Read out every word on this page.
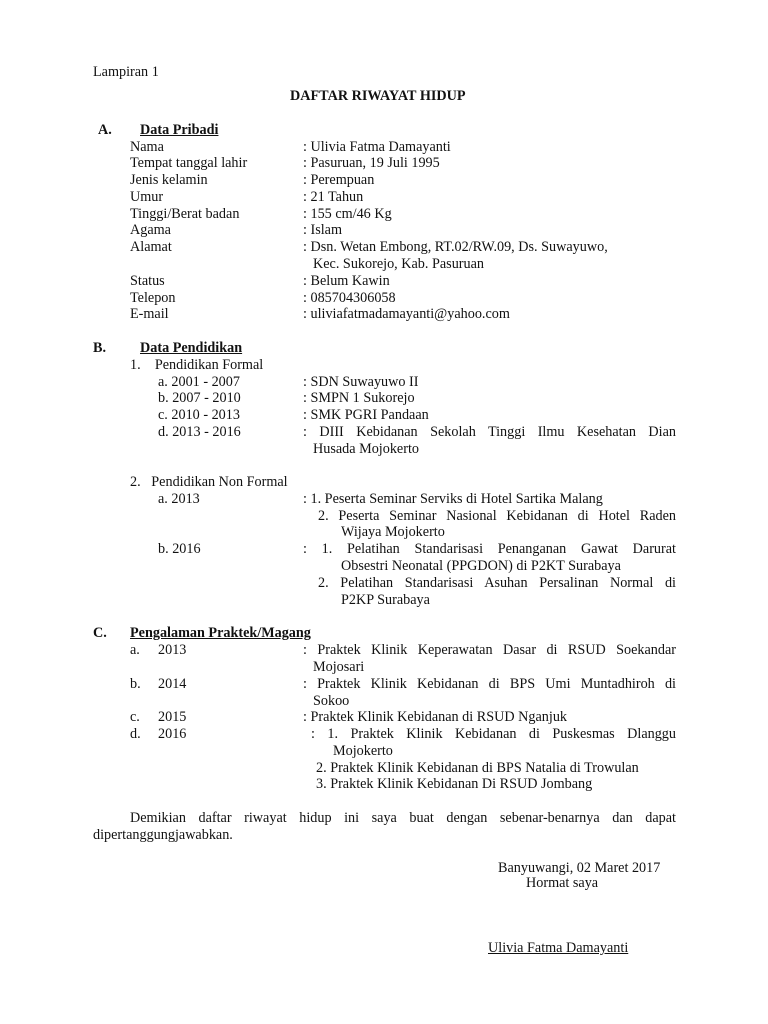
Lampiran 1
DAFTAR RIWAYAT HIDUP
A. Data Pribadi
Nama	: Ulivia Fatma Damayanti
Tempat tanggal lahir	: Pasuruan, 19 Juli 1995
Jenis kelamin	: Perempuan
Umur	: 21 Tahun
Tinggi/Berat badan	: 155 cm/46 Kg
Agama	: Islam
Alamat	: Dsn. Wetan Embong, RT.02/RW.09, Ds. Suwayuwo,
Kec. Sukorejo, Kab. Pasuruan
Status	: Belum Kawin
Telepon	: 085704306058
E-mail	: uliviafatmadamayanti@yahoo.com
B. Data Pendidikan
1.    Pendidikan Formal
a. 2001 - 2007	: SDN Suwayuwo II
b. 2007 - 2010	: SMPN 1 Sukorejo
c. 2010 - 2013	: SMK PGRI Pandaan
d. 2013 - 2016	: DIII Kebidanan Sekolah Tinggi Ilmu Kesehatan Dian
Husada Mojokerto
2.   Pendidikan Non Formal
a. 2013	: 1. Peserta Seminar Serviks di Hotel Sartika Malang
2. Peserta Seminar Nasional Kebidanan di Hotel Raden
Wijaya Mojokerto
b. 2016	: 1. Pelatihan Standarisasi Penanganan Gawat Darurat
Obsestri Neonatal (PPGDON) di P2KT Surabaya
2. Pelatihan Standarisasi Asuhan Persalinan Normal di
P2KP Surabaya
C. Pengalaman Praktek/Magang
a. 2013	: Praktek Klinik Keperawatan Dasar di RSUD Soekandar
Mojosari
b. 2014	: Praktek Klinik Kebidanan di BPS Umi Muntadhiroh di
Sokoo
c. 2015	: Praktek Klinik Kebidanan di RSUD Nganjuk
d. 2016	: 1. Praktek Klinik Kebidanan di Puskesmas Dlanggu
Mojokerto
2. Praktek Klinik Kebidanan di BPS Natalia di Trowulan
3. Praktek Klinik Kebidanan Di RSUD Jombang
Demikian daftar riwayat hidup ini saya buat dengan sebenar-benarnya dan dapat
dipertanggungjawabkan.
Banyuwangi, 02 Maret 2017
Hormat saya
Ulivia Fatma Damayanti
